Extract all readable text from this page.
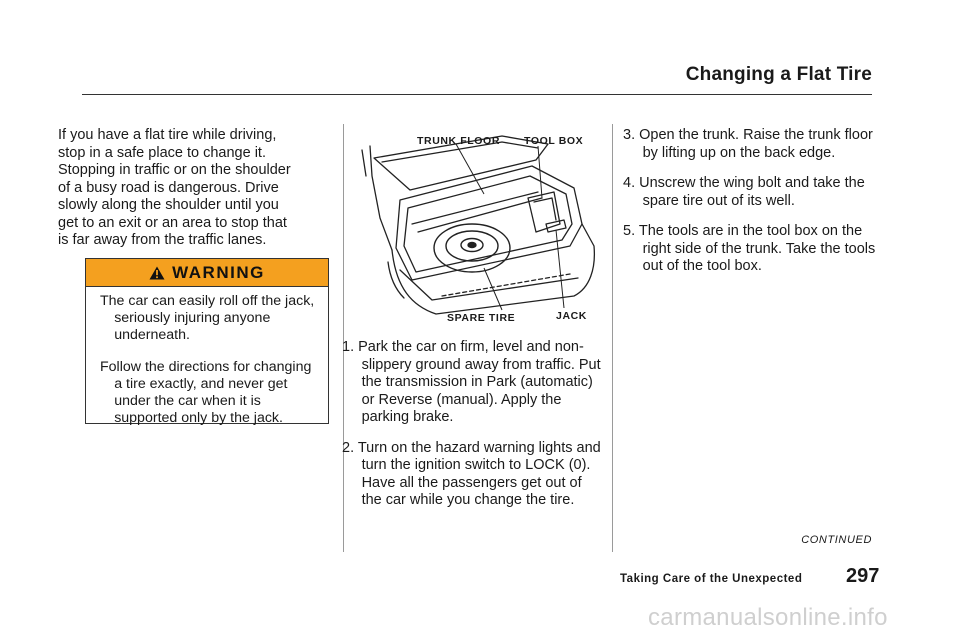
Changing a Flat Tire
If you have a flat tire while driving,
stop in a safe place to change it.
Stopping in traffic or on the shoulder
of a busy road is dangerous. Drive
slowly along the shoulder until you
get to an exit or an area to stop that
is far away from the traffic lanes.
WARNING

The car can easily roll off the jack, seriously injuring anyone underneath.

Follow the directions for changing a tire exactly, and never get under the car when it is supported only by the jack.

TRUNK FLOOR TOOL BOX
SPARE TIRE	JACK
1. Park the car on firm, level and non-slippery ground away from traffic. Put the transmission in Park (automatic) or Reverse (manual). Apply the parking brake.
2. Turn on the hazard warning lights and turn the ignition switch to LOCK (0). Have all the passengers get out of the car while you change the tire.
3. Open the trunk. Raise the trunk floor by lifting up on the back edge.
4. Unscrew the wing bolt and take the spare tire out of its well.
5. The tools are in the tool box on the right side of the trunk. Take the tools out of the tool box.
CONTINUED
Taking Care of the Unexpected 297
carmanualsonline.info
